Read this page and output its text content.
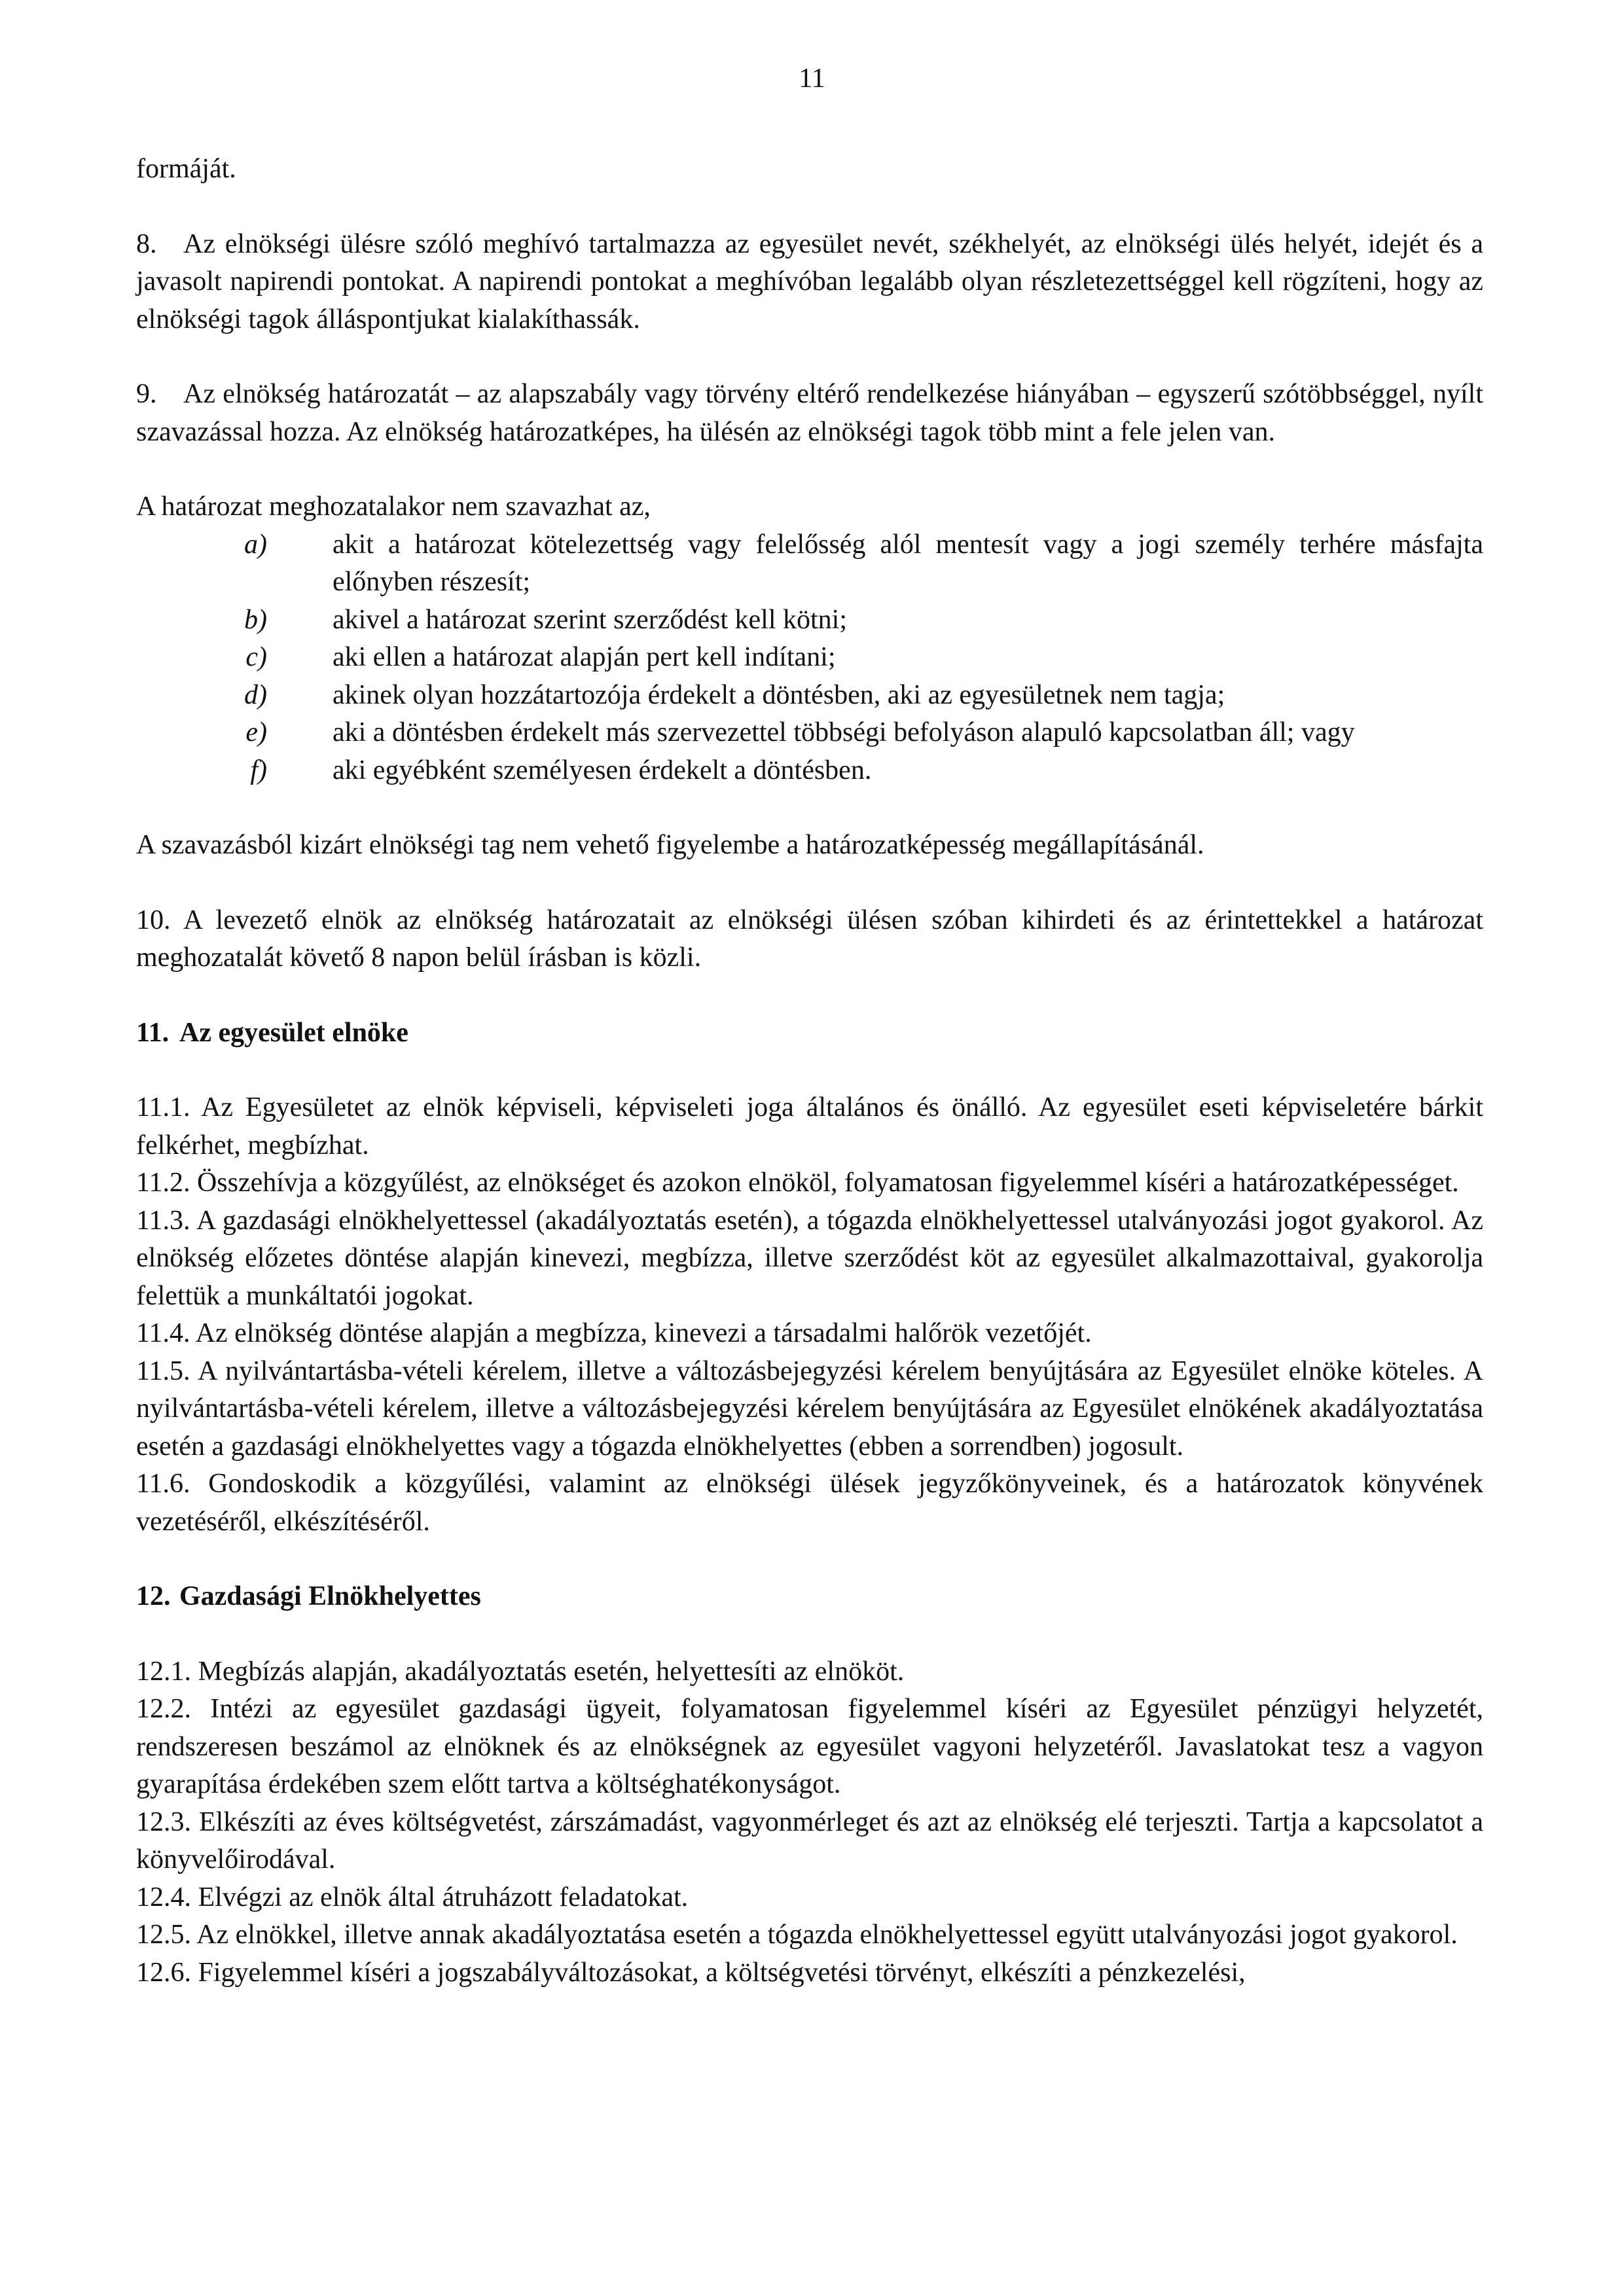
11

formáját.

8. Az elnökségi ülésre szóló meghívó tartalmazza az egyesület nevét, székhelyét, az elnökségi ülés helyét, idejét és a javasolt napirendi pontokat. A napirendi pontokat a meghívóban legalább olyan részletezettséggel kell rögzíteni, hogy az elnökségi tagok álláspontjukat kialakíthassák.

9. Az elnökség határozatát – az alapszabály vagy törvény eltérő rendelkezése hiányában – egyszerű szótöbbséggel, nyílt szavazással hozza. Az elnökség határozatképes, ha ülésén az elnökségi tagok több mint a fele jelen van.

A határozat meghozatalakor nem szavazhat az,

a) akit a határozat kötelezettség vagy felelősség alól mentesít vagy a jogi személy terhére másfajta előnyben részesít;
b) akivel a határozat szerint szerződést kell kötni;
c) aki ellen a határozat alapján pert kell indítani;
d) akinek olyan hozzátartozója érdekelt a döntésben, aki az egyesületnek nem tagja;
e) aki a döntésben érdekelt más szervezettel többségi befolyáson alapuló kapcsolatban áll; vagy
f) aki egyébként személyesen érdekelt a döntésben.

A szavazásból kizárt elnökségi tag nem vehető figyelembe a határozatképesség megállapításánál.

10. A levezető elnök az elnökség határozatait az elnökségi ülésen szóban kihirdeti és az érintettekkel a határozat meghozatalát követő 8 napon belül írásban is közli.

11. Az egyesület elnöke

11.1. Az Egyesületet az elnök képviseli, képviseleti joga általános és önálló. Az egyesület eseti képviseletére bárkit felkérhet, megbízhat.

11.2. Összehívja a közgyűlést, az elnökséget és azokon elnököl, folyamatosan figyelemmel kíséri a határozatképességet.

11.3. A gazdasági elnökhelyettessel (akadályoztatás esetén), a tógazda elnökhelyettessel utalványozási jogot gyakorol. Az elnökség előzetes döntése alapján kinevezi, megbízza, illetve szerződést köt az egyesület alkalmazottaival, gyakorolja felettük a munkáltatói jogokat.

11.4. Az elnökség döntése alapján a megbízza, kinevezi a társadalmi halőrök vezetőjét.

11.5. A nyilvántartásba-vételi kérelem, illetve a változásbejegyzési kérelem benyújtására az Egyesület elnöke köteles. A nyilvántartásba-vételi kérelem, illetve a változásbejegyzési kérelem benyújtására az Egyesület elnökének akadályoztatása esetén a gazdasági elnökhelyettes vagy a tógazda elnökhelyettes (ebben a sorrendben) jogosult.

11.6. Gondoskodik a közgyűlési, valamint az elnökségi ülések jegyzőkönyveinek, és a határozatok könyvének vezetéséről, elkészítéséről.

12. Gazdasági Elnökhelyettes

12.1. Megbízás alapján, akadályoztatás esetén, helyettesíti az elnököt.

12.2. Intézi az egyesület gazdasági ügyeit, folyamatosan figyelemmel kíséri az Egyesület pénzügyi helyzetét, rendszeresen beszámol az elnöknek és az elnökségnek az egyesület vagyoni helyzetéről. Javaslatokat tesz a vagyon gyarapítása érdekében szem előtt tartva a költséghatékonyságot.

12.3. Elkészíti az éves költségvetést, zárszámadást, vagyonmérleget és azt az elnökség elé terjeszti. Tartja a kapcsolatot a könyvelőirodával.

12.4. Elvégzi az elnök által átruházott feladatokat.

12.5. Az elnökkel, illetve annak akadályoztatása esetén a tógazda elnökhelyettessel együtt utalványozási jogot gyakorol.

12.6. Figyelemmel kíséri a jogszabályváltozásokat, a költségvetési törvényt, elkészíti a pénzkezelési,
